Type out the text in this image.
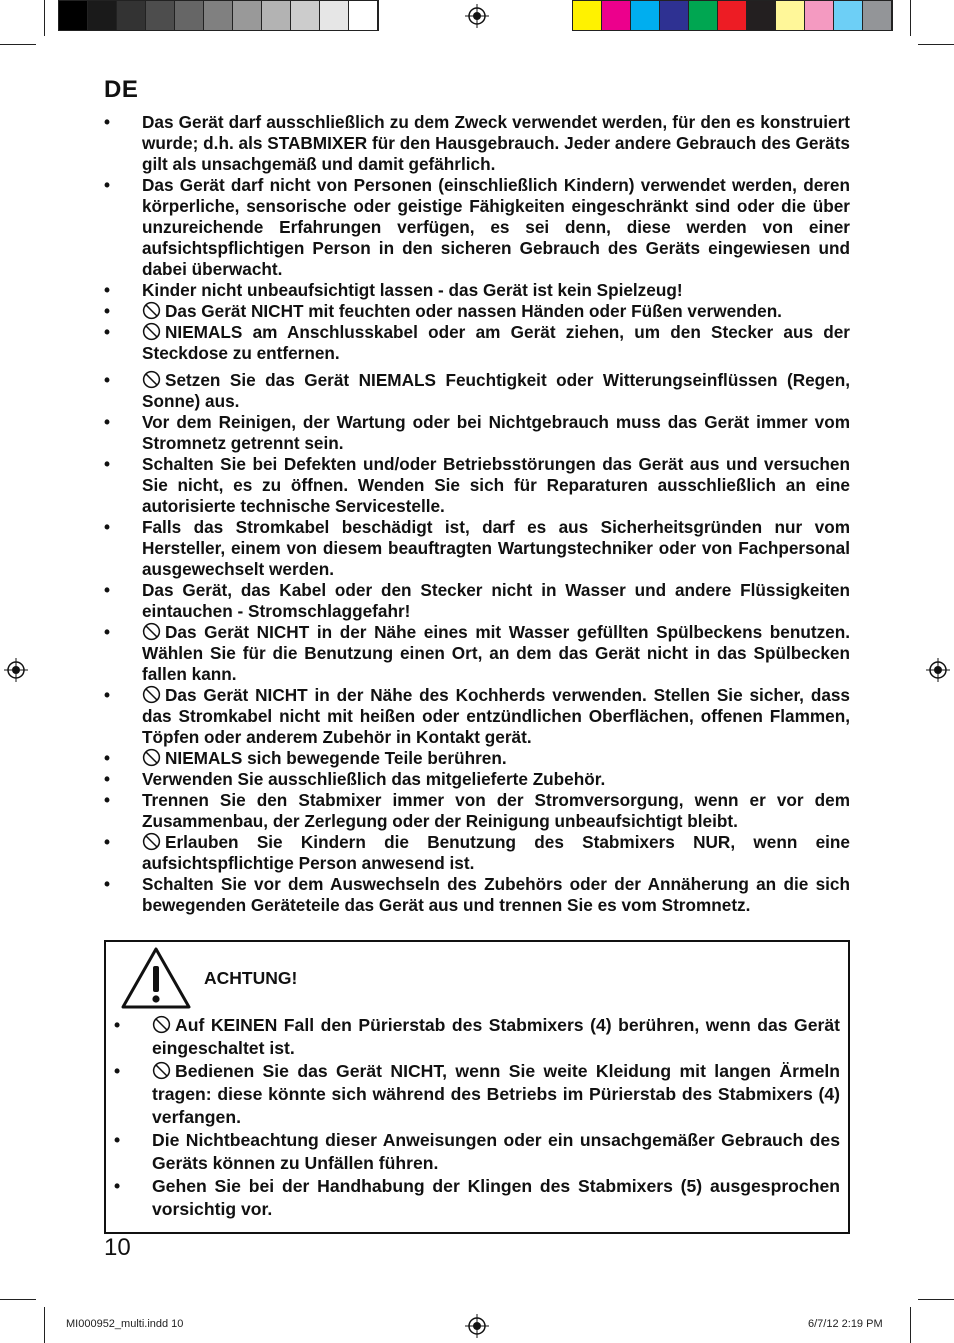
DE
• Das Gerät darf ausschließlich zu dem Zweck verwendet werden, für den es konstruiert wurde; d.h. als STABMIXER für den Hausgebrauch. Jeder andere Gebrauch des Geräts gilt als unsachgemäß und damit gefährlich.
• Das Gerät darf nicht von Personen (einschließlich Kindern) verwendet werden, deren körperliche, sensorische oder geistige Fähigkeiten eingeschränkt sind oder die über unzureichende Erfahrungen verfügen, es sei denn, diese werden von einer aufsichtspflichtigen Person in den sicheren Gebrauch des Geräts eingewiesen und dabei überwacht.
• Kinder nicht unbeaufsichtigt lassen - das Gerät ist kein Spielzeug!
•	Das Gerät NICHT mit feuchten oder nassen Händen oder Füßen verwenden.
•	NIEMALS am Anschlusskabel oder am Gerät ziehen, um den Stecker aus der Steckdose zu entfernen.
•	Setzen Sie das Gerät NIEMALS Feuchtigkeit oder Witterungseinflüssen (Regen, Sonne) aus.
• Vor dem Reinigen, der Wartung oder bei Nichtgebrauch muss das Gerät immer vom Stromnetz getrennt sein.
• Schalten Sie bei Defekten und/oder Betriebsstörungen das Gerät aus und versuchen Sie nicht, es zu öffnen. Wenden Sie sich für Reparaturen ausschließlich an eine autorisierte technische Servicestelle.
• Falls das Stromkabel beschädigt ist, darf es aus Sicherheitsgründen nur vom Hersteller, einem von diesem beauftragten Wartungstechniker oder von Fachpersonal ausgewechselt werden.
• Das Gerät, das Kabel oder den Stecker nicht in Wasser und andere Flüssigkeiten eintauchen - Stromschlaggefahr!
•	Das Gerät NICHT in der Nähe eines mit Wasser gefüllten Spülbeckens benutzen. Wählen Sie für die Benutzung einen Ort, an dem das Gerät nicht in das Spülbecken fallen kann.
•	Das Gerät NICHT in der Nähe des Kochherds verwenden. Stellen Sie sicher, dass das Stromkabel nicht mit heißen oder entzündlichen Oberflächen, offenen Flammen, Töpfen oder anderem Zubehör in Kontakt gerät.
•	NIEMALS sich bewegende Teile berühren.
• Verwenden Sie ausschließlich das mitgelieferte Zubehör.
• Trennen Sie den Stabmixer immer von der Stromversorgung, wenn er vor dem Zusammenbau, der Zerlegung oder der Reinigung unbeaufsichtigt bleibt.
•	Erlauben Sie Kindern die Benutzung des Stabmixers NUR, wenn eine aufsichtspflichtige Person anwesend ist.
• Schalten Sie vor dem Auswechseln des Zubehörs oder der Annäherung an die sich bewegenden Geräteteile das Gerät aus und trennen Sie es vom Stromnetz.
ACHTUNG!
•	Auf KEINEN Fall den Pürierstab des Stabmixers (4) berühren, wenn das Gerät eingeschaltet ist.
•	Bedienen Sie das Gerät NICHT, wenn Sie weite Kleidung mit langen Ärmeln tragen: diese könnte sich während des Betriebs im Pürierstab des Stabmixers (4) verfangen.
• Die Nichtbeachtung dieser Anweisungen oder ein unsachgemäßer Gebrauch des Geräts können zu Unfällen führen.
• Gehen Sie bei der Handhabung der Klingen des Stabmixers (5) ausgesprochen vorsichtig vor.
10
MI000952_multi.indd 10	6/7/12 2:19 PM
